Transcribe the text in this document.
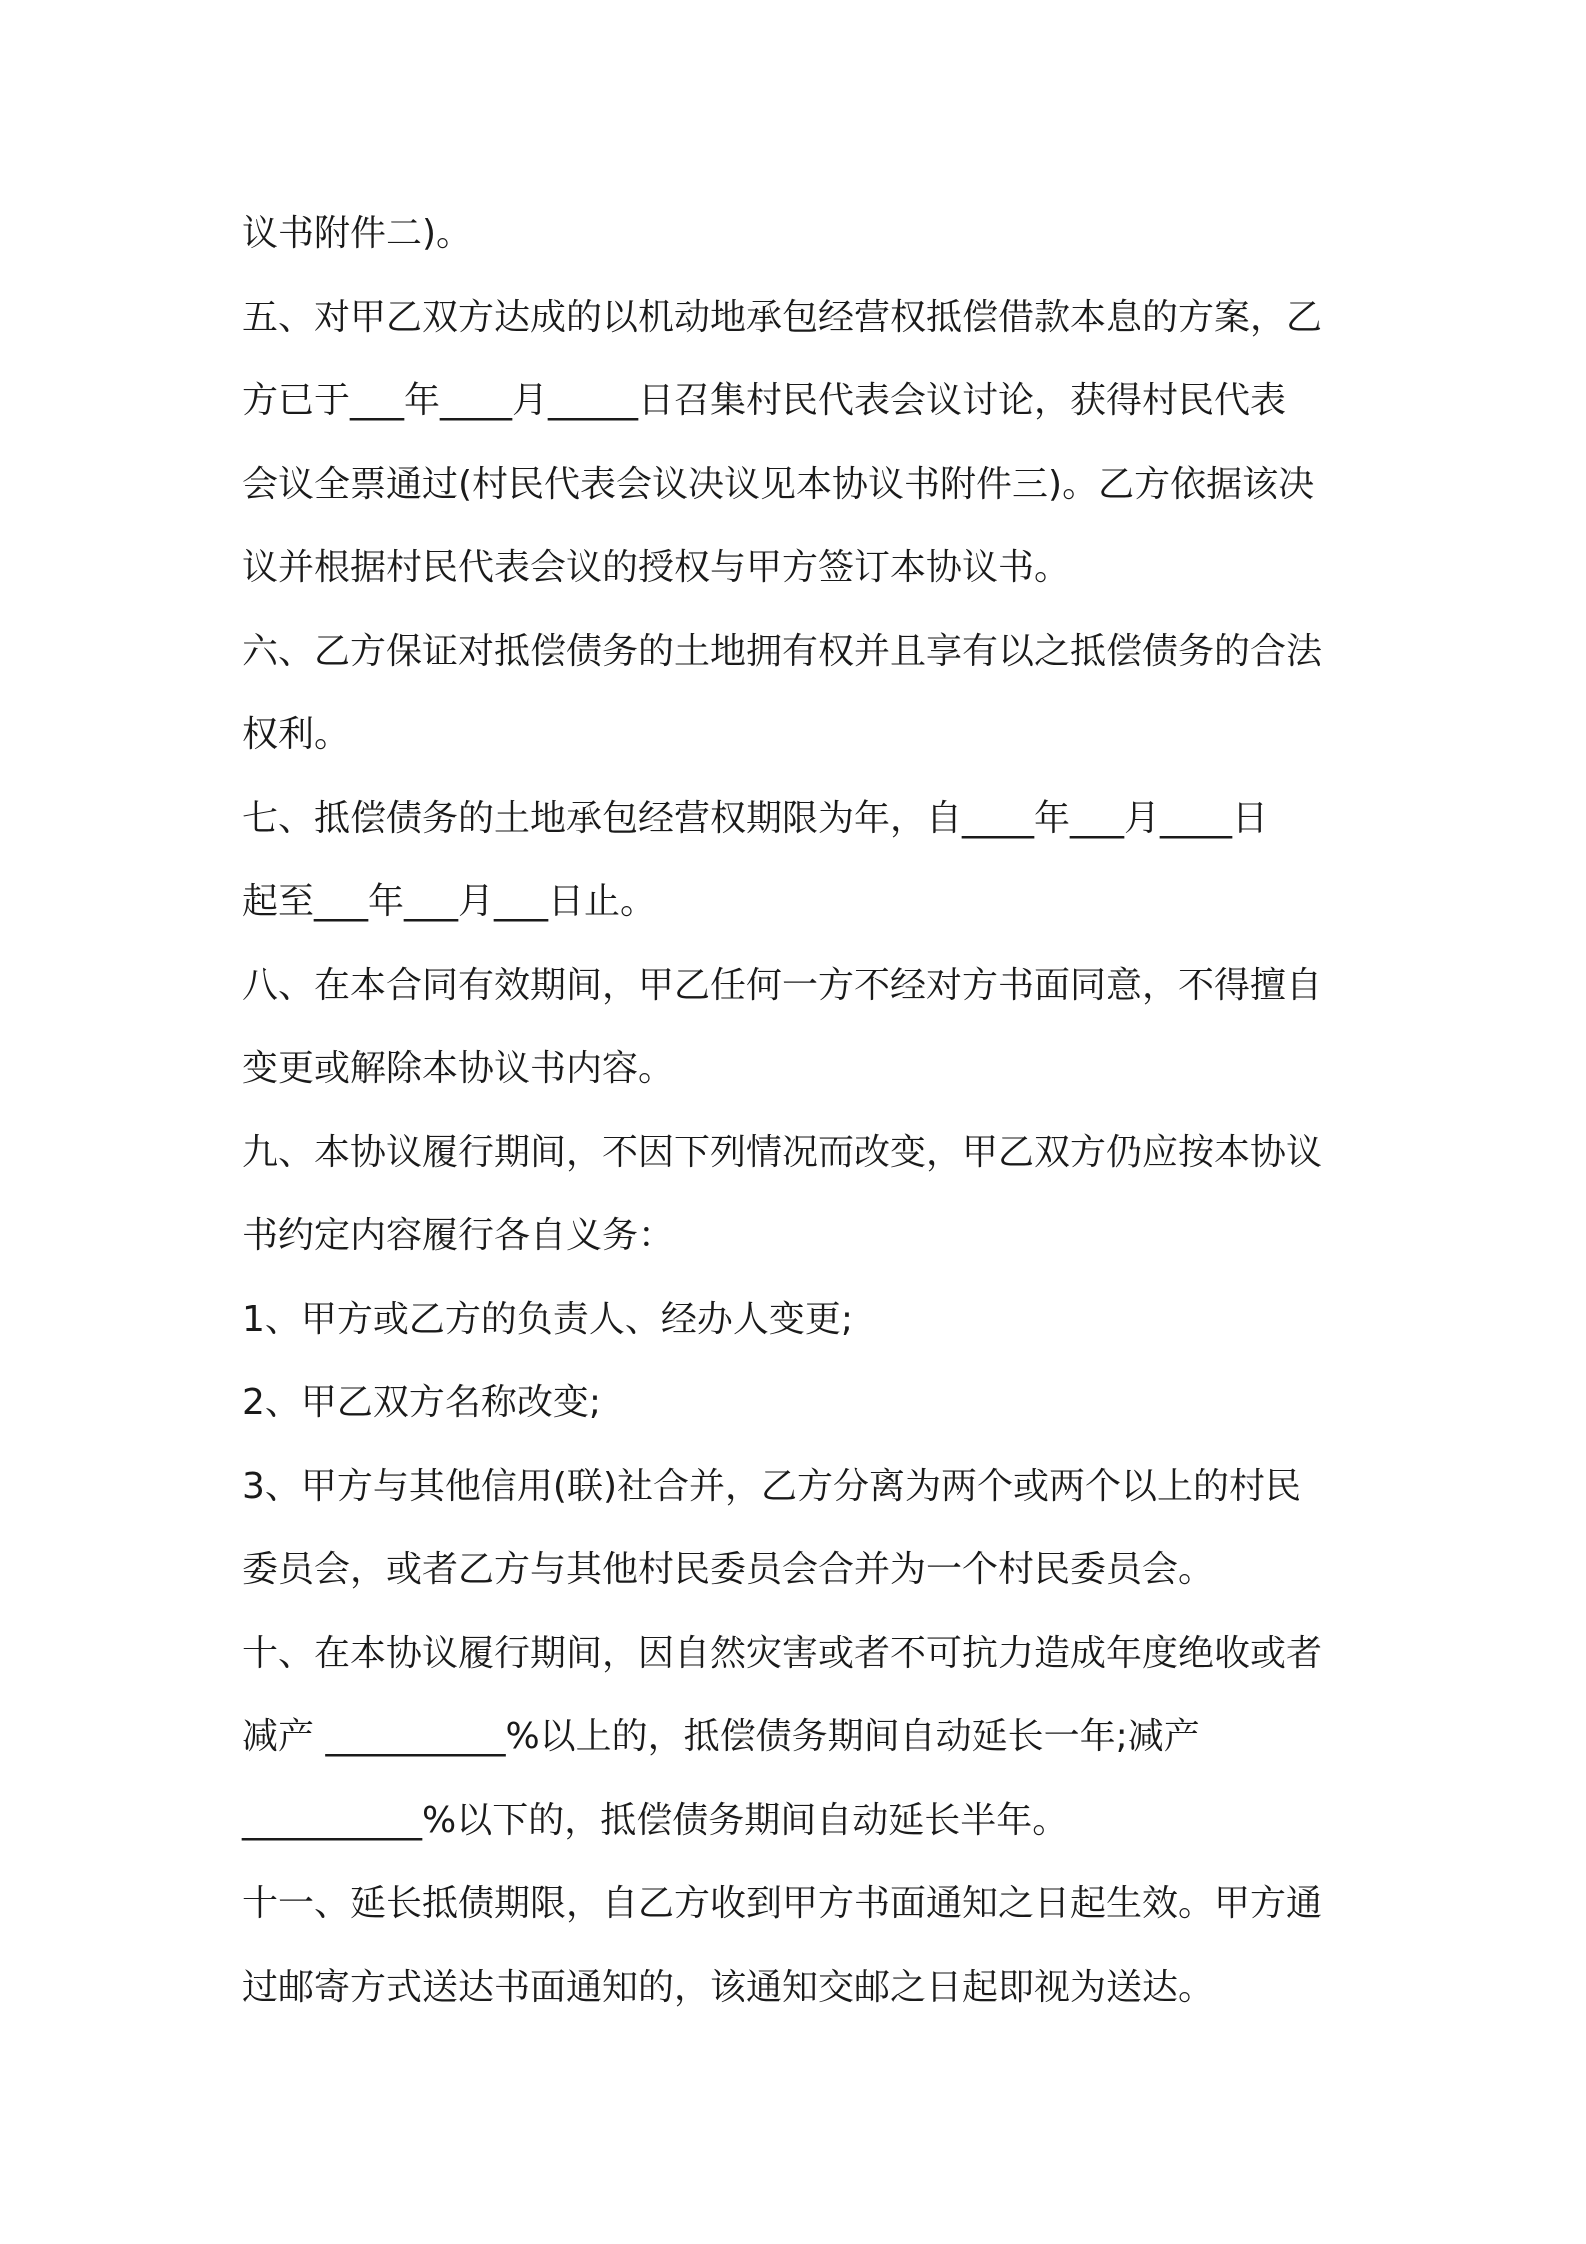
议书附件二)。

五、对甲乙双方达成的以机动地承包经营权抵偿借款本息的方案，乙
方已于___年____月_____日召集村民代表会议讨论，获得村民代表
会议全票通过(村民代表会议决议见本协议书附件三)。乙方依据该决
议并根据村民代表会议的授权与甲方签订本协议书。

六、乙方保证对抵偿债务的土地拥有权并且享有以之抵偿债务的合法
权利。

七、抵偿债务的土地承包经营权期限为年，自____年___月____日
起至___年___月___日止。

八、在本合同有效期间，甲乙任何一方不经对方书面同意，不得擅自
变更或解除本协议书内容。

九、本协议履行期间，不因下列情况而改变，甲乙双方仍应按本协议
书约定内容履行各自义务：

1、甲方或乙方的负责人、经办人变更;

2、甲乙双方名称改变;

3、甲方与其他信用(联)社合并，乙方分离为两个或两个以上的村民
委员会，或者乙方与其他村民委员会合并为一个村民委员会。

十、在本协议履行期间，因自然灾害或者不可抗力造成年度绝收或者
减产 __________%以上的，抵偿债务期间自动延长一年;减产
__________%以下的，抵偿债务期间自动延长半年。

十一、延长抵债期限，自乙方收到甲方书面通知之日起生效。甲方通
过邮寄方式送达书面通知的，该通知交邮之日起即视为送达。
